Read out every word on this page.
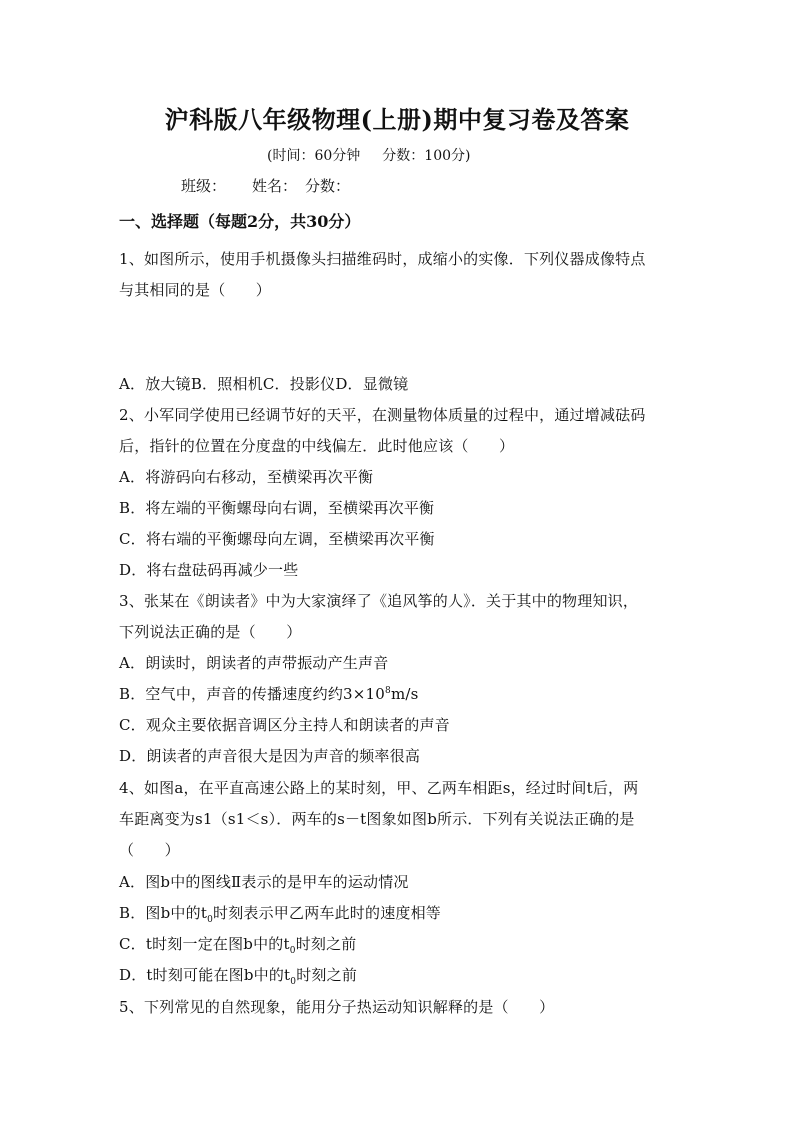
沪科版八年级物理(上册)期中复习卷及答案
(时间：60分钟 分数：100分)
班级： 姓名： 分数：
一、选择题（每题2分，共30分）
1、如图所示，使用手机摄像头扫描维码时，成缩小的实像．下列仪器成像特点
与其相同的是（　　）
A．放大镜B．照相机C．投影仪D．显微镜
2、小军同学使用已经调节好的天平，在测量物体质量的过程中，通过增减砝码
后，指针的位置在分度盘的中线偏左．此时他应该（　　）
A．将游码向右移动，至横梁再次平衡
B．将左端的平衡螺母向右调，至横梁再次平衡
C．将右端的平衡螺母向左调，至横梁再次平衡
D．将右盘砝码再减少一些
3、张某在《朗读者》中为大家演绎了《追风筝的人》．关于其中的物理知识，
下列说法正确的是（　　）
A．朗读时，朗读者的声带振动产生声音
B．空气中，声音的传播速度约约$3\times 10^8m/s$
C．观众主要依据音调区分主持人和朗读者的声音
D．朗读者的声音很大是因为声音的频率很高
4、如图a，在平直高速公路上的某时刻，甲、乙两车相距s，经过时间t后，两
车距离变为s1（s1＜s）．两车的s－t图象如图b所示．下列有关说法正确的是
（　　）
A．图b中的图线Ⅱ表示的是甲车的运动情况
B．图b中的$t_0$时刻表示甲乙两车此时的速度相等
C．t时刻一定在图b中的$t_0$时刻之前
D．t时刻可能在图b中的$t_0$时刻之前
5、下列常见的自然现象，能用分子热运动知识解释的是（　　）
